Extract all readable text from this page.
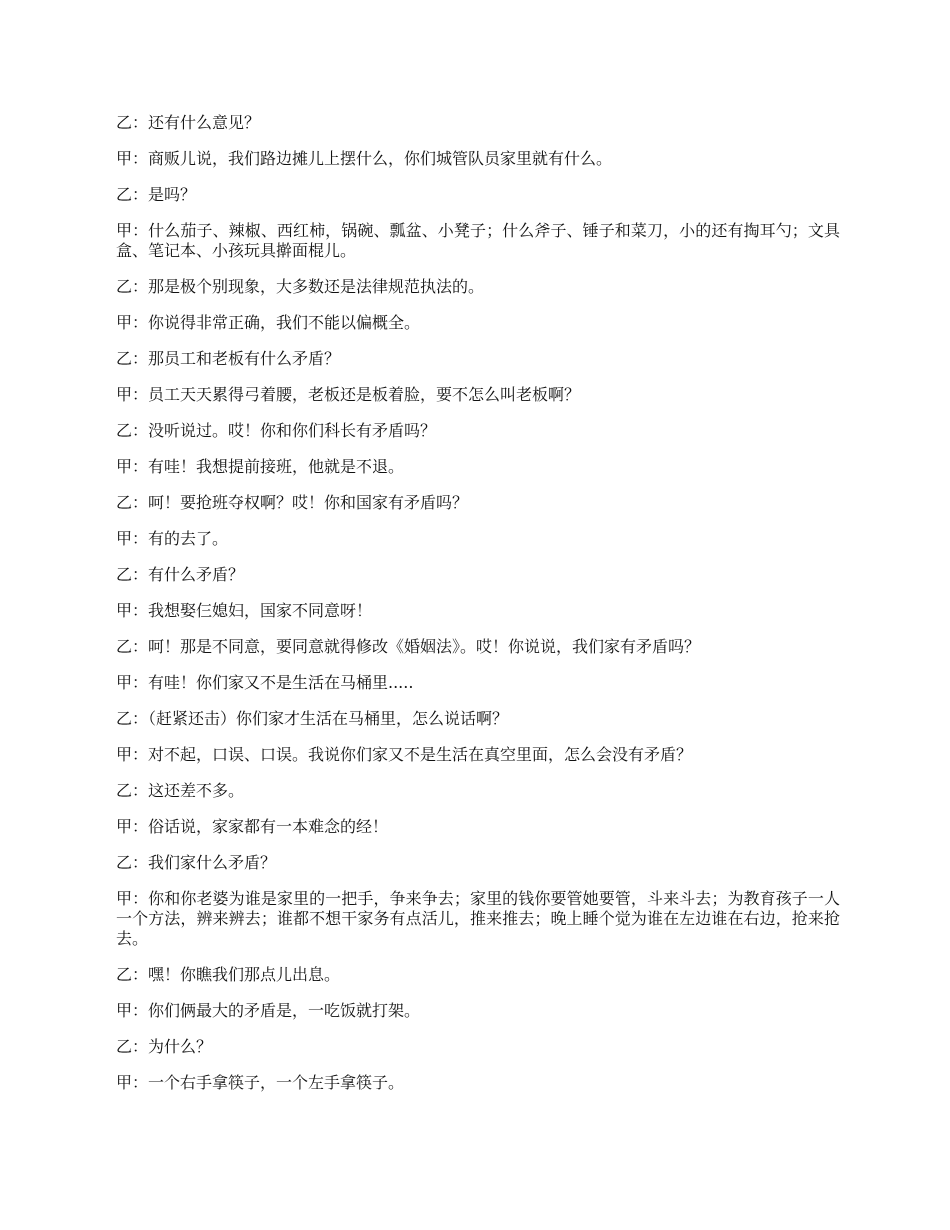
乙：还有什么意见？

甲：商贩儿说，我们路边摊儿上摆什么，你们城管队员家里就有什么。

乙：是吗？

甲：什么茄子、辣椒、西红柿，锅碗、瓢盆、小凳子；什么斧子、锤子和菜刀，小的还有掏耳勺；文具盒、笔记本、小孩玩具擀面棍儿。

乙：那是极个别现象，大多数还是法律规范执法的。

甲：你说得非常正确，我们不能以偏概全。

乙：那员工和老板有什么矛盾？

甲：员工天天累得弓着腰，老板还是板着脸，要不怎么叫老板啊？

乙：没听说过。哎！你和你们科长有矛盾吗？

甲：有哇！我想提前接班，他就是不退。

乙：呵！要抢班夺权啊？哎！你和国家有矛盾吗？

甲：有的去了。

乙：有什么矛盾？

甲：我想娶仨媳妇，国家不同意呀！

乙：呵！那是不同意，要同意就得修改《婚姻法》。哎！你说说，我们家有矛盾吗？

甲：有哇！你们家又不是生活在马桶里.....

乙：（赶紧还击）你们家才生活在马桶里，怎么说话啊？

甲：对不起，口误、口误。我说你们家又不是生活在真空里面，怎么会没有矛盾？

乙：这还差不多。

甲：俗话说，家家都有一本难念的经！

乙：我们家什么矛盾？

甲：你和你老婆为谁是家里的一把手，争来争去；家里的钱你要管她要管，斗来斗去；为教育孩子一人一个方法，辨来辨去；谁都不想干家务有点活儿，推来推去；晚上睡个觉为谁在左边谁在右边，抢来抢去。

乙：嘿！你瞧我们那点儿出息。

甲：你们俩最大的矛盾是，一吃饭就打架。

乙：为什么？

甲：一个右手拿筷子，一个左手拿筷子。
